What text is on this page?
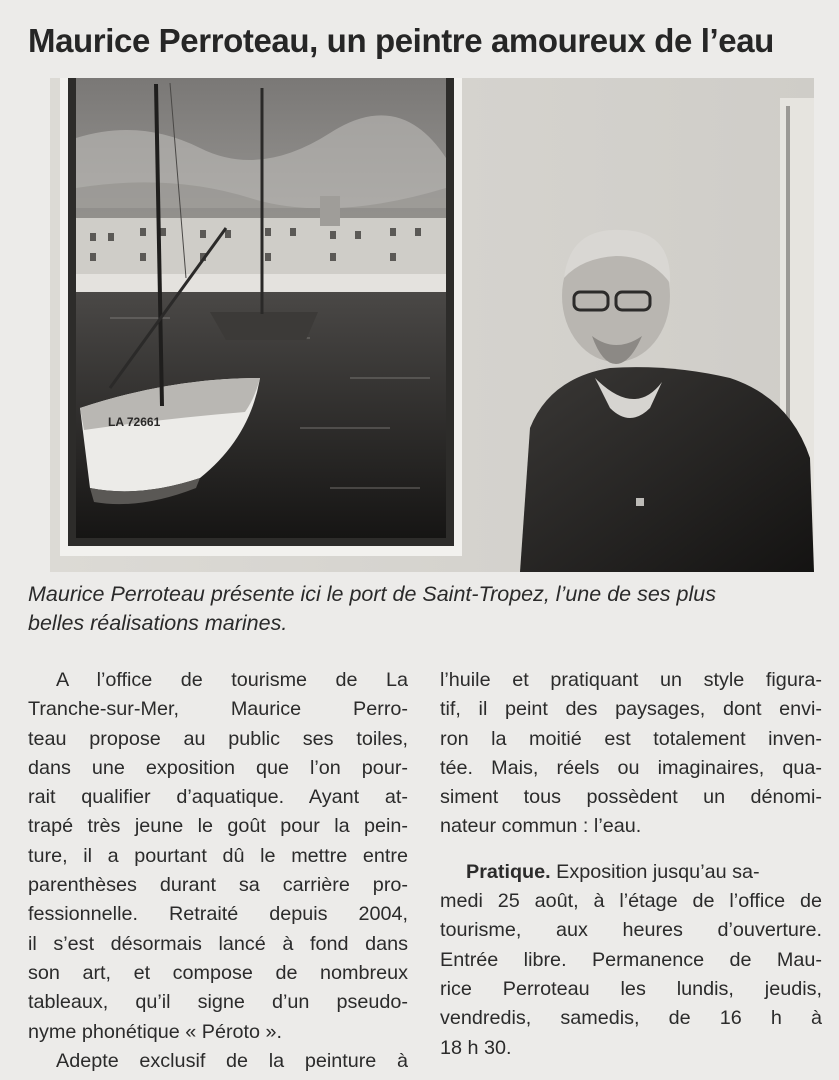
Maurice Perroteau, un peintre amoureux de l’eau
LA 72661
Maurice Perroteau présente ici le port de Saint-Tropez, l’une de ses plus
belles réalisations marines.
A l’office de tourisme de La
Tranche-sur-Mer, Maurice Perro-
teau propose au public ses toiles,
dans une exposition que l’on pour-
rait qualifier d’aquatique. Ayant at-
trapé très jeune le goût pour la pein-
ture, il a pourtant dû le mettre entre
parenthèses durant sa carrière pro-
fessionnelle. Retraité depuis 2004,
il s’est désormais lancé à fond dans
son art, et compose de nombreux
tableaux, qu’il signe d’un pseudo-
nyme phonétique « Péroto ».
Adepte exclusif de la peinture à
l’huile et pratiquant un style figura-
tif, il peint des paysages, dont envi-
ron la moitié est totalement inven-
tée. Mais, réels ou imaginaires, qua-
siment tous possèdent un dénomi-
nateur commun : l’eau.
Pratique. Exposition jusqu’au sa-
medi 25 août, à l’étage de l’office de
tourisme, aux heures d’ouverture.
Entrée libre. Permanence de Mau-
rice Perroteau les lundis, jeudis,
vendredis, samedis, de 16 h à
18 h 30.
